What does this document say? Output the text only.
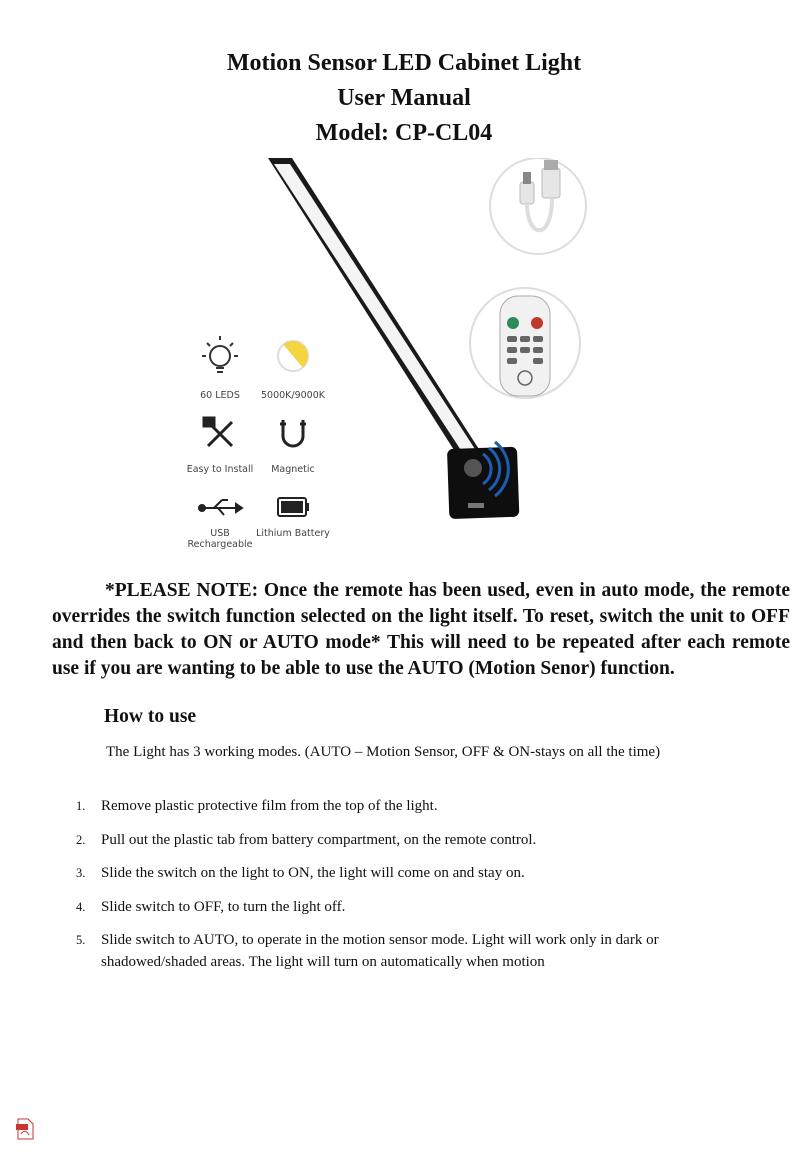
Motion Sensor LED Cabinet Light
User Manual
Model: CP-CL04
60 LEDS	5000K/9000K
Easy to Install	Magnetic
USB Rechargeable
Lithium Battery
*PLEASE NOTE: Once the remote has been used, even in auto mode, the remote overrides the switch function selected on the light itself. To reset, switch the unit to OFF and then back to ON or AUTO mode* This will need to be repeated after each remote use if you are wanting to be able to use the AUTO (Motion Senor) function.
How to use
The Light has 3 working modes. (AUTO – Motion Sensor, OFF & ON-stays on all the time)
1. Remove plastic protective film from the top of the light.
2. Pull out the plastic tab from battery compartment, on the remote control.
3. Slide the switch on the light to ON, the light will come on and stay on.
4. Slide switch to OFF, to turn the light off.
5. Slide switch to AUTO, to operate in the motion sensor mode. Light will work only in dark or shadowed/shaded areas. The light will turn on automatically when motion
